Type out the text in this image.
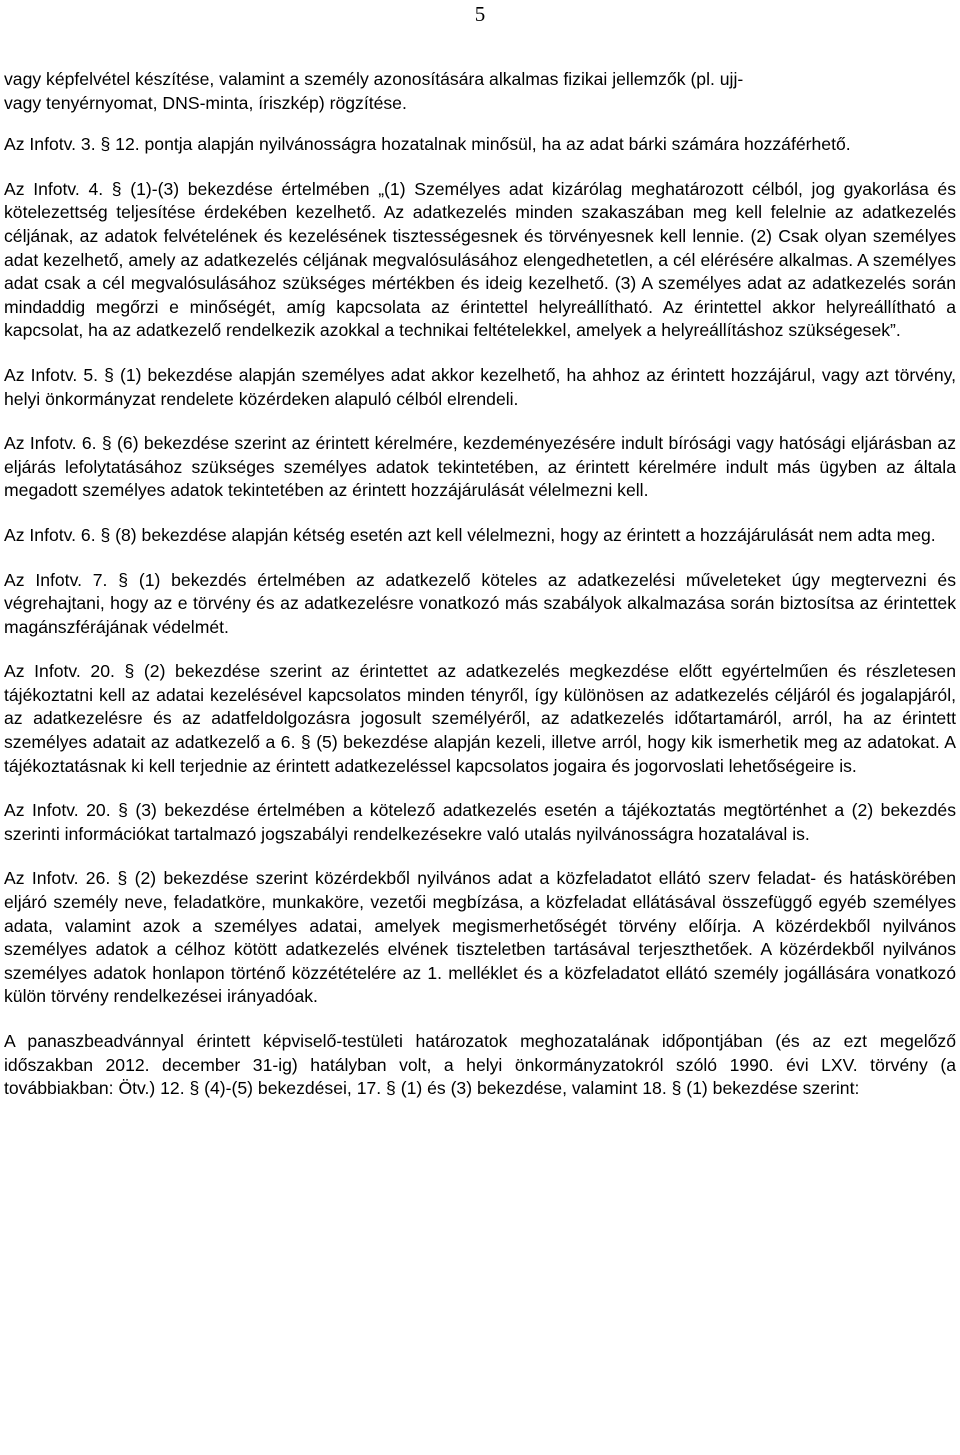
5

vagy képfelvétel készítése, valamint a személy azonosítására alkalmas fizikai jellemzők (pl. ujj-
vagy tenyérnyomat, DNS-minta, íriszkép) rögzítése.

Az Infotv. 3. § 12. pontja alapján nyilvánosságra hozatalnak minősül, ha az adat bárki számára hozzáférhető.

Az Infotv. 4. § (1)-(3) bekezdése értelmében „(1) Személyes adat kizárólag meghatározott célból, jog gyakorlása és kötelezettség teljesítése érdekében kezelhető. Az adatkezelés minden szakaszában meg kell felelnie az adatkezelés céljának, az adatok felvételének és kezelésének tisztességesnek és törvényesnek kell lennie. (2) Csak olyan személyes adat kezelhető, amely az adatkezelés céljának megvalósulásához elengedhetetlen, a cél elérésére alkalmas. A személyes adat csak a cél megvalósulásához szükséges mértékben és ideig kezelhető. (3) A személyes adat az adatkezelés során mindaddig megőrzi e minőségét, amíg kapcsolata az érintettel helyreállítható. Az érintettel akkor helyreállítható a kapcsolat, ha az adatkezelő rendelkezik azokkal a technikai feltételekkel, amelyek a helyreállításhoz szükségesek”.

Az Infotv. 5. § (1) bekezdése alapján személyes adat akkor kezelhető, ha ahhoz az érintett hozzájárul, vagy azt törvény, helyi önkormányzat rendelete közérdeken alapuló célból elrendeli.

Az Infotv. 6. § (6) bekezdése szerint az érintett kérelmére, kezdeményezésére indult bírósági vagy hatósági eljárásban az eljárás lefolytatásához szükséges személyes adatok tekintetében, az érintett kérelmére indult más ügyben az általa megadott személyes adatok tekintetében az érintett hozzájárulását vélelmezni kell.

Az Infotv. 6. § (8) bekezdése alapján kétség esetén azt kell vélelmezni, hogy az érintett a hozzájárulását nem adta meg.

Az Infotv. 7. § (1) bekezdés értelmében az adatkezelő köteles az adatkezelési műveleteket úgy megtervezni és végrehajtani, hogy az e törvény és az adatkezelésre vonatkozó más szabályok alkalmazása során biztosítsa az érintettek magánszférájának védelmét.

Az Infotv. 20. § (2) bekezdése szerint az érintettet az adatkezelés megkezdése előtt egyértelműen és részletesen tájékoztatni kell az adatai kezelésével kapcsolatos minden tényről, így különösen az adatkezelés céljáról és jogalapjáról, az adatkezelésre és az adatfeldolgozásra jogosult személyéről, az adatkezelés időtartamáról, arról, ha az érintett személyes adatait az adatkezelő a 6. § (5) bekezdése alapján kezeli, illetve arról, hogy kik ismerhetik meg az adatokat. A tájékoztatásnak ki kell terjednie az érintett adatkezeléssel kapcsolatos jogaira és jogorvoslati lehetőségeire is.

Az Infotv. 20. § (3) bekezdése értelmében a kötelező adatkezelés esetén a tájékoztatás megtörténhet a (2) bekezdés szerinti információkat tartalmazó jogszabályi rendelkezésekre való utalás nyilvánosságra hozatalával is.

Az Infotv. 26. § (2) bekezdése szerint közérdekből nyilvános adat a közfeladatot ellátó szerv feladat- és hatáskörében eljáró személy neve, feladatköre, munkaköre, vezetői megbízása, a közfeladat ellátásával összefüggő egyéb személyes adata, valamint azok a személyes adatai, amelyek megismerhetőségét törvény előírja. A közérdekből nyilvános személyes adatok a célhoz kötött adatkezelés elvének tiszteletben tartásával terjeszthetőek. A közérdekből nyilvános személyes adatok honlapon történő közzétételére az 1. melléklet és a közfeladatot ellátó személy jogállására vonatkozó külön törvény rendelkezései irányadóak.

A panaszbeadvánnyal érintett képviselő-testületi határozatok meghozatalának időpontjában (és az ezt megelőző időszakban 2012. december 31-ig) hatályban volt, a helyi önkormányzatokról szóló 1990. évi LXV. törvény (a továbbiakban: Ötv.) 12. § (4)-(5) bekezdései, 17. § (1) és (3) bekezdése, valamint 18. § (1) bekezdése szerint:
